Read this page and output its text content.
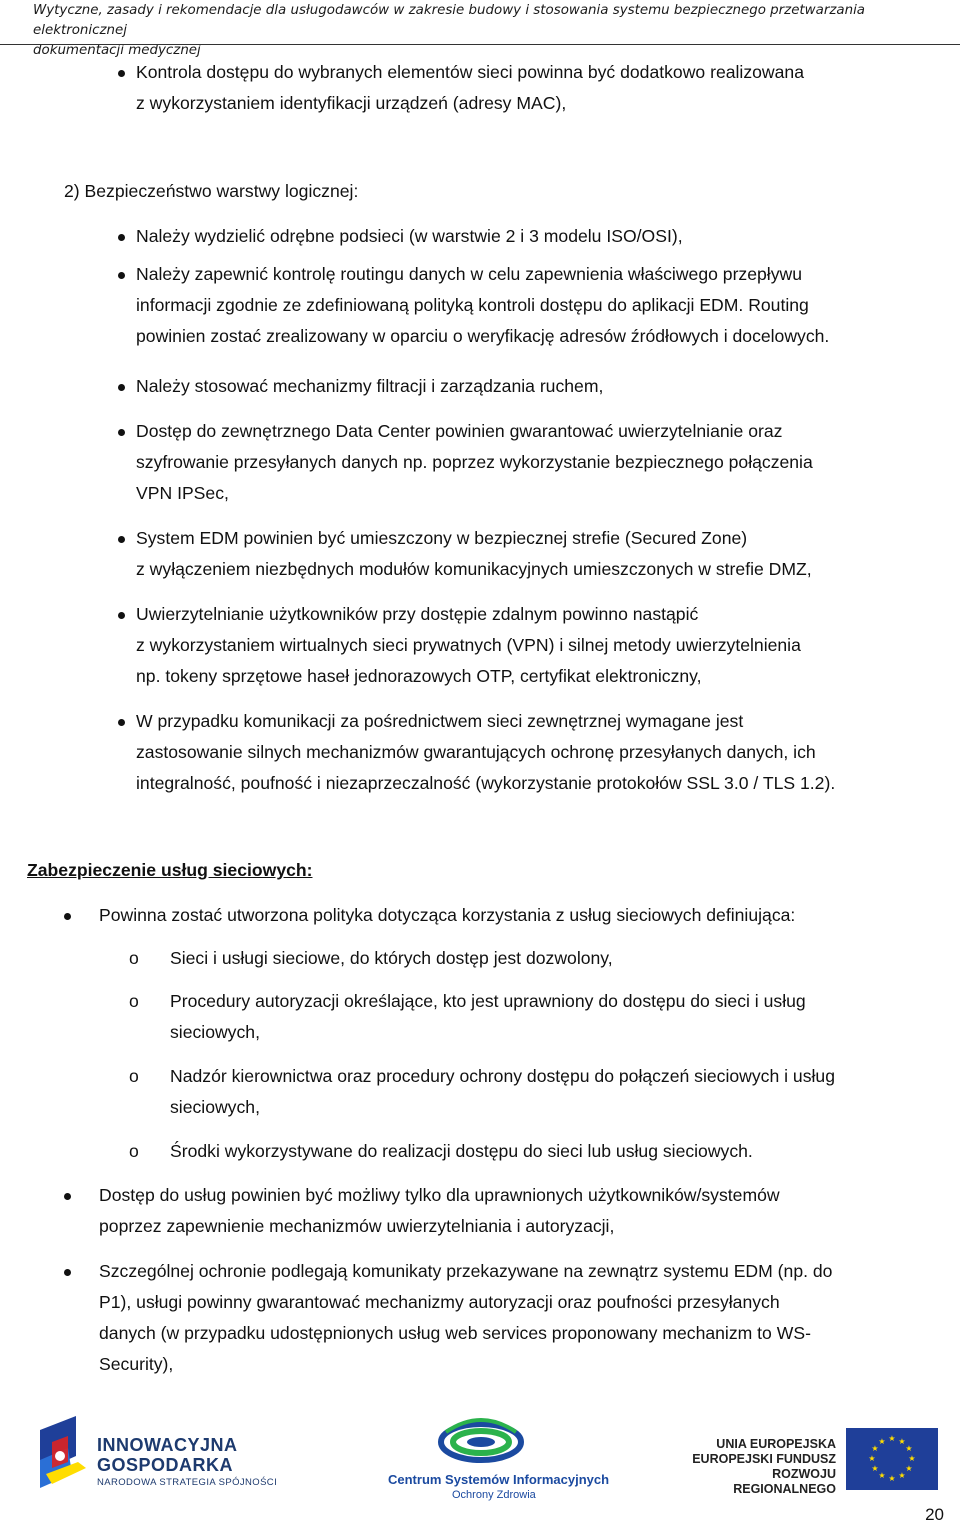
Wytyczne, zasady i rekomendacje dla usługodawców w zakresie budowy i stosowania systemu bezpiecznego przetwarzania elektronicznej
dokumentacji medycznej
Kontrola dostępu do wybranych elementów sieci powinna być dodatkowo realizowana
z wykorzystaniem identyfikacji urządzeń (adresy MAC),
2) Bezpieczeństwo warstwy logicznej:
Należy wydzielić odrębne podsieci (w warstwie 2 i 3 modelu ISO/OSI),
Należy zapewnić kontrolę routingu danych w celu zapewnienia właściwego przepływu
informacji zgodnie ze zdefiniowaną polityką kontroli dostępu do aplikacji EDM. Routing
powinien zostać zrealizowany w oparciu o weryfikację adresów źródłowych i docelowych.
Należy stosować mechanizmy filtracji i zarządzania ruchem,
Dostęp do zewnętrznego Data Center powinien gwarantować uwierzytelnianie oraz
szyfrowanie przesyłanych danych np. poprzez wykorzystanie bezpiecznego połączenia
VPN IPSec,
System EDM powinien być umieszczony w bezpiecznej strefie (Secured Zone)
z wyłączeniem niezbędnych modułów komunikacyjnych umieszczonych w strefie DMZ,
Uwierzytelnianie użytkowników przy dostępie zdalnym powinno nastąpić
z wykorzystaniem wirtualnych sieci prywatnych (VPN) i silnej metody uwierzytelnienia
np. tokeny sprzętowe haseł jednorazowych OTP, certyfikat elektroniczny,
W przypadku komunikacji za pośrednictwem sieci zewnętrznej wymagane jest
zastosowanie silnych mechanizmów gwarantujących ochronę przesyłanych danych, ich
integralność, poufność i niezaprzeczalność (wykorzystanie protokołów SSL 3.0 / TLS 1.2).
Zabezpieczenie usług sieciowych:
Powinna zostać utworzona polityka dotycząca korzystania z usług sieciowych definiująca:
o Sieci i usługi sieciowe, do których dostęp jest dozwolony,
o Procedury autoryzacji określające, kto jest uprawniony do dostępu do sieci i usług
sieciowych,
o Nadzór kierownictwa oraz procedury ochrony dostępu do połączeń sieciowych i usług
sieciowych,
o Środki wykorzystywane do realizacji dostępu do sieci lub usług sieciowych.
Dostęp do usług powinien być możliwy tylko dla uprawnionych użytkowników/systemów
poprzez zapewnienie mechanizmów uwierzytelniania i autoryzacji,
Szczególnej ochronie podlegają komunikaty przekazywane na zewnątrz systemu EDM (np. do
P1), usługi powinny gwarantować mechanizmy autoryzacji oraz poufności przesyłanych
danych (w przypadku udostępnionych usług web services proponowany mechanizm to WS-
Security),
INNOWACYJNA
GOSPODARKA
NARODOWA STRATEGIA SPÓJNOŚCI	Centrum Systemów Informacyjnych
Ochrony Zdrowia
UNIA EUROPEJSKA
EUROPEJSKI FUNDUSZ
ROZWOJU REGIONALNEGO
★ ★
★
★
★
★
★
★
★
★
★
★
20
